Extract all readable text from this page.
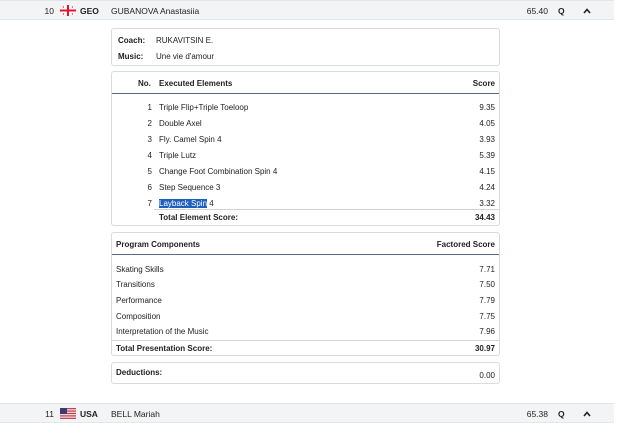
10	GEO GUBANOVA Anastasiia	65.40 Q
Coach:	RUKAVITSIN E.
Music:	Une vie d'amour
No. Executed Elements	Score
1 Triple Flip+Triple Toeloop	9.35
2 Double Axel	4.05
3 Fly. Camel Spin 4	3.93
4 Triple Lutz	5.39
5 Change Foot Combination Spin 4	4.15
6 Step Sequence 3	4.24
7 Layback Spin 4	3.32
Total Element Score:	34.43
Program Components	Factored Score
Skating Skills	7.71
Transitions	7.50
Performance	7.79
Composition	7.75
Interpretation of the Music	7.96
Total Presentation Score:	30.97
Deductions:	0.00
11	USA BELL Mariah	65.38 Q
